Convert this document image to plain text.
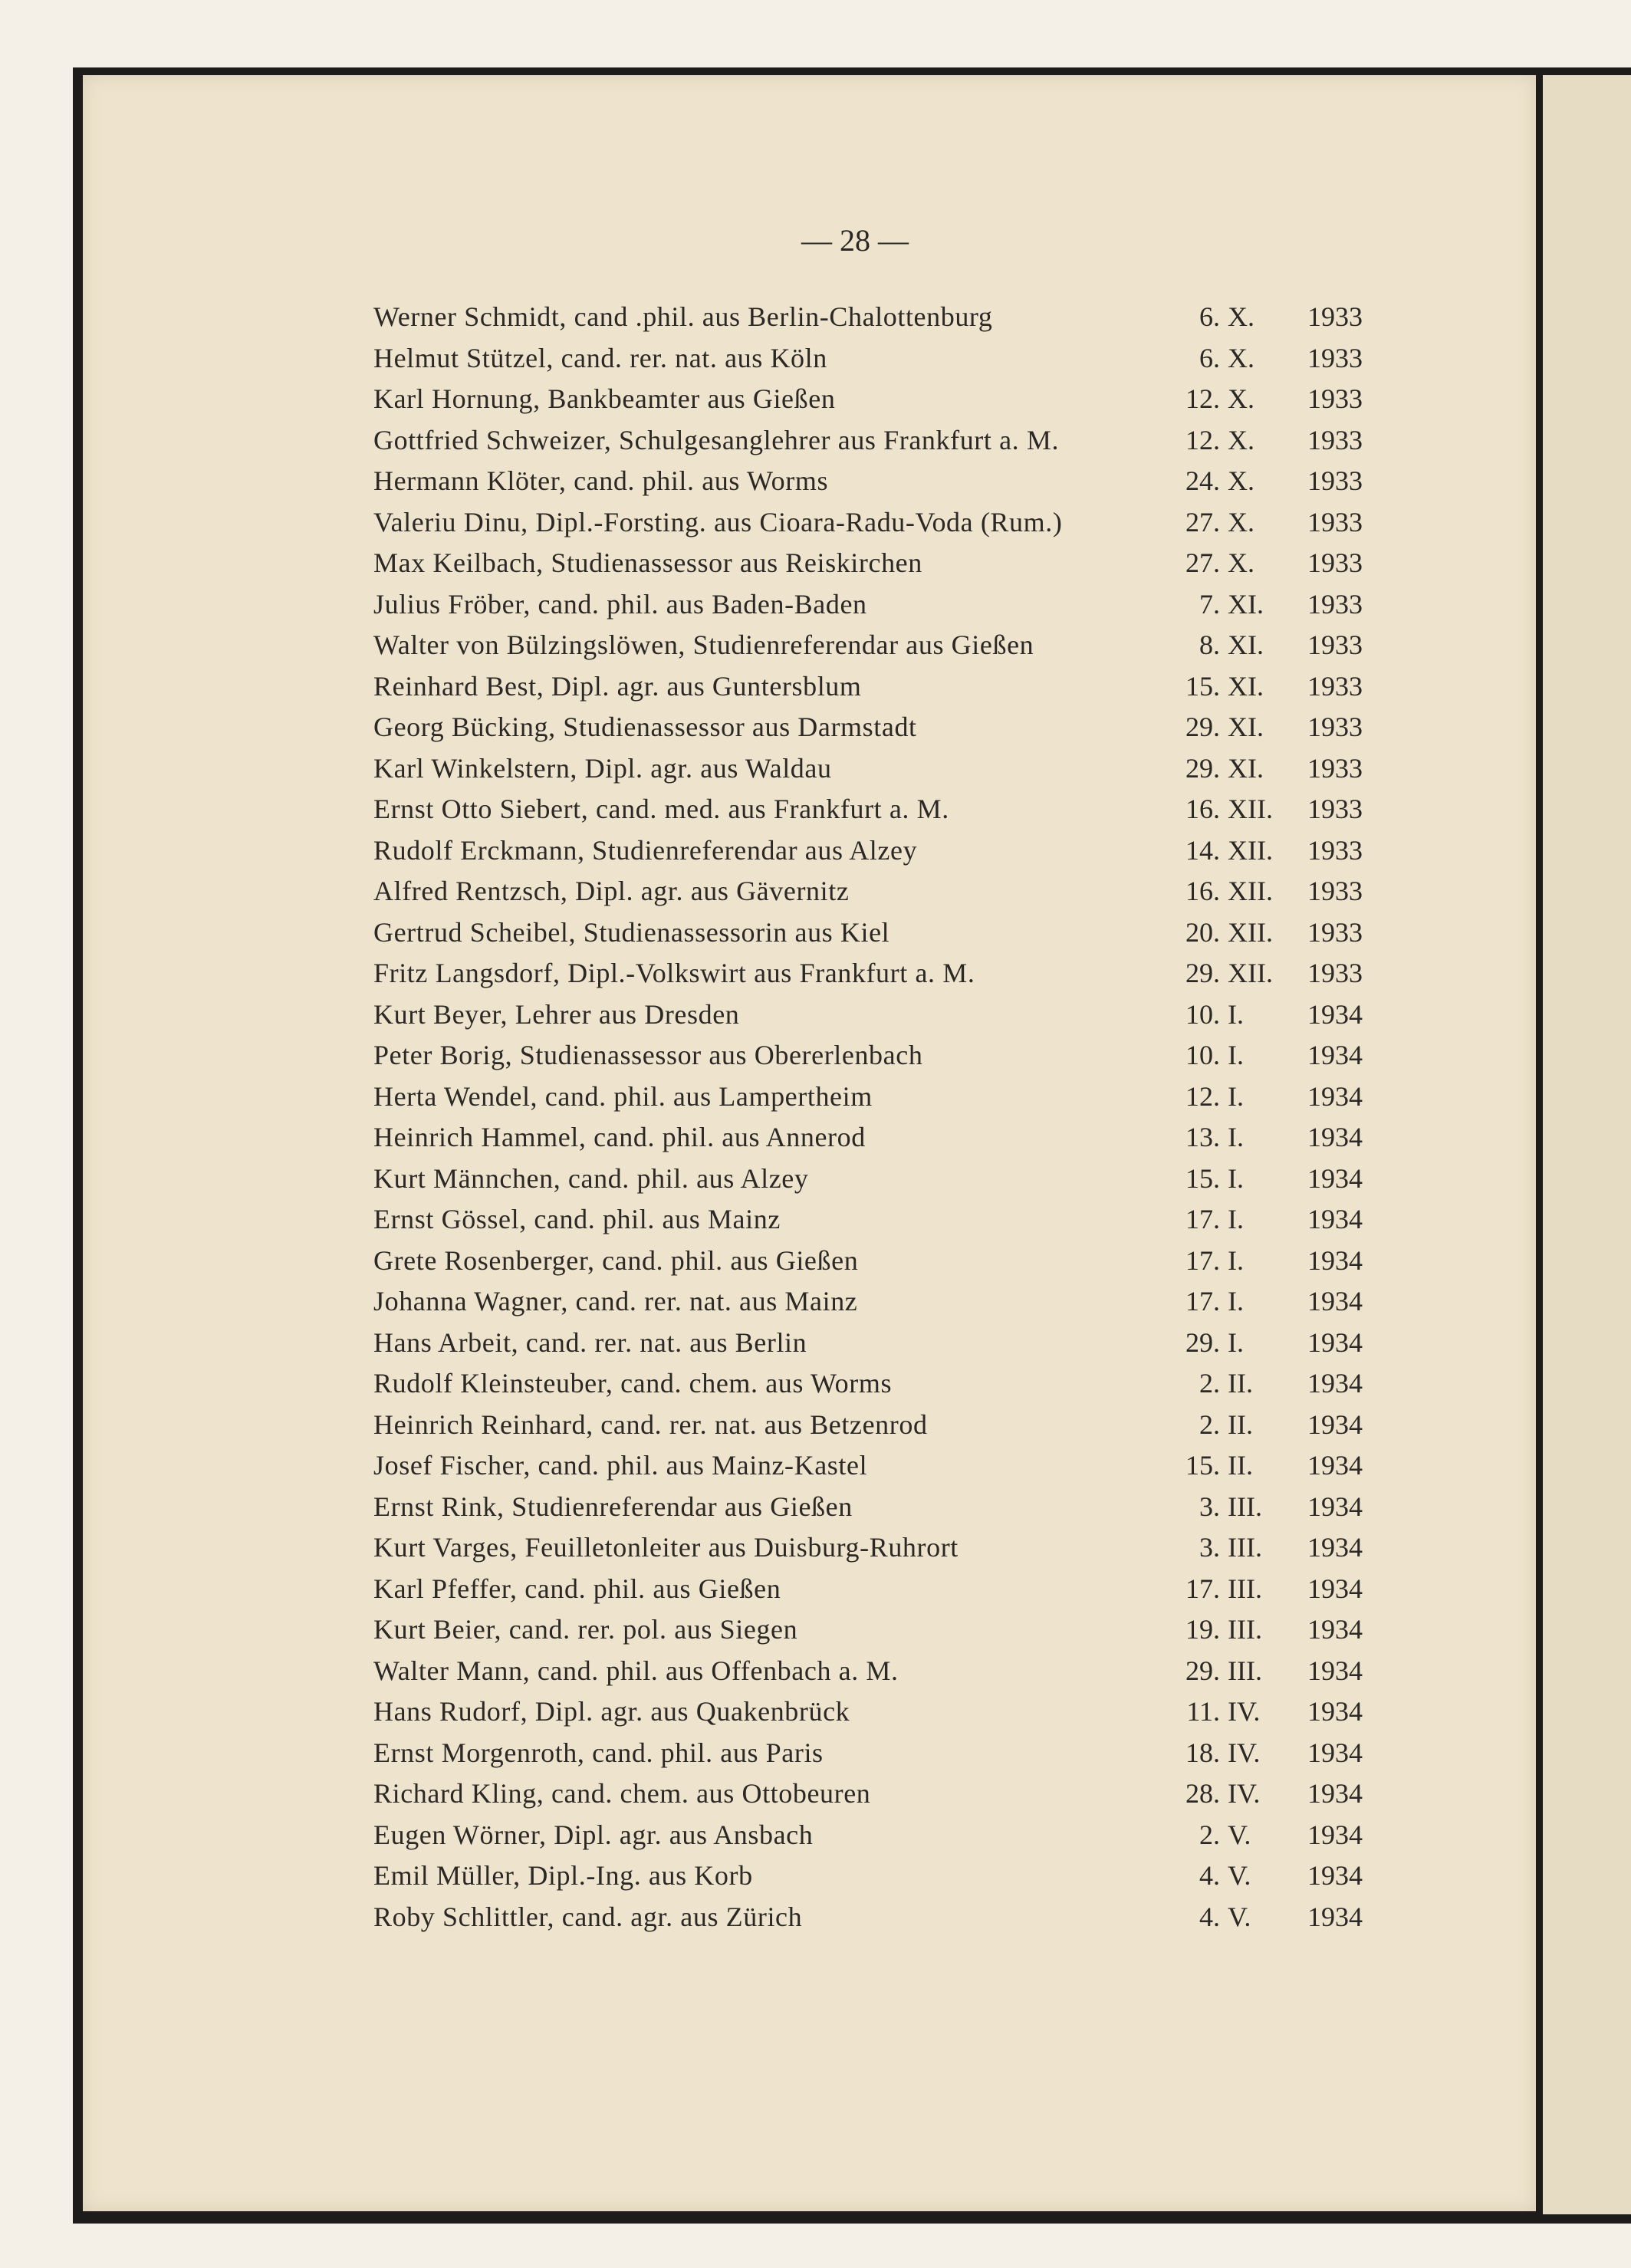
— 28 —
Werner Schmidt, cand .phil. aus Berlin-Chalottenburg	6. X. 1933
Helmut Stützel, cand. rer. nat. aus Köln	6. X. 1933
Karl Hornung, Bankbeamter aus Gießen	12. X. 1933
Gottfried Schweizer, Schulgesanglehrer aus Frankfurt a. M.	12. X. 1933
Hermann Klöter, cand. phil. aus Worms	24. X. 1933
Valeriu Dinu, Dipl.-Forsting. aus Cioara-Radu-Voda (Rum.)	27. X. 1933
Max Keilbach, Studienassessor aus Reiskirchen	27. X. 1933
Julius Fröber, cand. phil. aus Baden-Baden	7. XI. 1933
Walter von Bülzingslöwen, Studienreferendar aus Gießen	8. XI. 1933
Reinhard Best, Dipl. agr. aus Guntersblum	15. XI. 1933
Georg Bücking, Studienassessor aus Darmstadt	29. XI. 1933
Karl Winkelstern, Dipl. agr. aus Waldau	29. XI. 1933
Ernst Otto Siebert, cand. med. aus Frankfurt a. M.	16. XII. 1933
Rudolf Erckmann, Studienreferendar aus Alzey	14. XII. 1933
Alfred Rentzsch, Dipl. agr. aus Gävernitz	16. XII. 1933
Gertrud Scheibel, Studienassessorin aus Kiel	20. XII. 1933
Fritz Langsdorf, Dipl.-Volkswirt aus Frankfurt a. M.	29. XII. 1933
Kurt Beyer, Lehrer aus Dresden	10. I. 1934
Peter Borig, Studienassessor aus Obererlenbach	10. I. 1934
Herta Wendel, cand. phil. aus Lampertheim	12. I. 1934
Heinrich Hammel, cand. phil. aus Annerod	13. I. 1934
Kurt Männchen, cand. phil. aus Alzey	15. I. 1934
Ernst Gössel, cand. phil. aus Mainz	17. I. 1934
Grete Rosenberger, cand. phil. aus Gießen	17. I. 1934
Johanna Wagner, cand. rer. nat. aus Mainz	17. I. 1934
Hans Arbeit, cand. rer. nat. aus Berlin	29. I. 1934
Rudolf Kleinsteuber, cand. chem. aus Worms	2. II. 1934
Heinrich Reinhard, cand. rer. nat. aus Betzenrod	2. II. 1934
Josef Fischer, cand. phil. aus Mainz-Kastel	15. II. 1934
Ernst Rink, Studienreferendar aus Gießen	3. III. 1934
Kurt Varges, Feuilletonleiter aus Duisburg-Ruhrort	3. III. 1934
Karl Pfeffer, cand. phil. aus Gießen	17. III. 1934
Kurt Beier, cand. rer. pol. aus Siegen	19. III. 1934
Walter Mann, cand. phil. aus Offenbach a. M.	29. III. 1934
Hans Rudorf, Dipl. agr. aus Quakenbrück	11. IV. 1934
Ernst Morgenroth, cand. phil. aus Paris	18. IV. 1934
Richard Kling, cand. chem. aus Ottobeuren	28. IV. 1934
Eugen Wörner, Dipl. agr. aus Ansbach	2. V. 1934
Emil Müller, Dipl.-Ing. aus Korb	4. V. 1934
Roby Schlittler, cand. agr. aus Zürich	4. V. 1934
